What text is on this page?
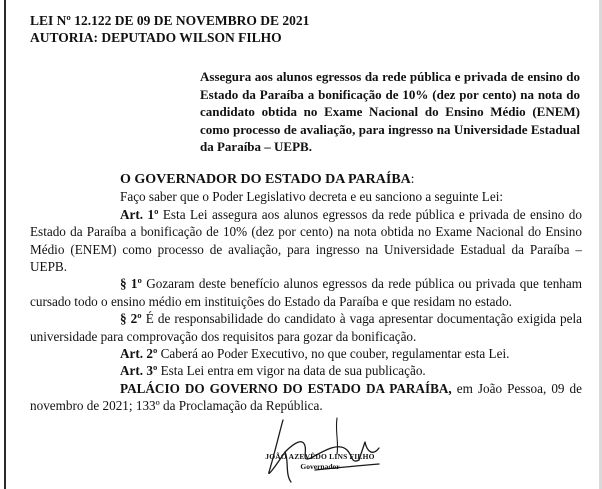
LEI Nº 12.122 DE 09 DE NOVEMBRO DE 2021
AUTORIA: DEPUTADO WILSON FILHO
Assegura aos alunos egressos da rede pública e privada de ensino do Estado da Paraíba a bonificação de 10% (dez por cento) na nota do candidato obtida no Exame Nacional do Ensino Médio (ENEM) como processo de avaliação, para ingresso na Universidade Estadual da Paraíba – UEPB.

O GOVERNADOR DO ESTADO DA PARAÍBA:

Faço saber que o Poder Legislativo decreta e eu sanciono a seguinte Lei:

Art. 1º Esta Lei assegura aos alunos egressos da rede pública e privada de ensino do Estado da Paraíba a bonificação de 10% (dez por cento) na nota obtida no Exame Nacional do Ensino Médio (ENEM) como processo de avaliação, para ingresso na Universidade Estadual da Paraíba – UEPB.

§ 1º Gozaram deste benefício alunos egressos da rede pública ou privada que tenham cursado todo o ensino médio em instituições do Estado da Paraíba e que residam no estado.

§ 2º É de responsabilidade do candidato à vaga apresentar documentação exigida pela universidade para comprovação dos requisitos para gozar da bonificação.

Art. 2º Caberá ao Poder Executivo, no que couber, regulamentar esta Lei.

Art. 3º Esta Lei entra em vigor na data de sua publicação.

PALÁCIO DO GOVERNO DO ESTADO DA PARAÍBA, em João Pessoa, 09 de novembro de 2021; 133º da Proclamação da República.

JOÃO AZEVÊDO LINS FILHO
Governador
